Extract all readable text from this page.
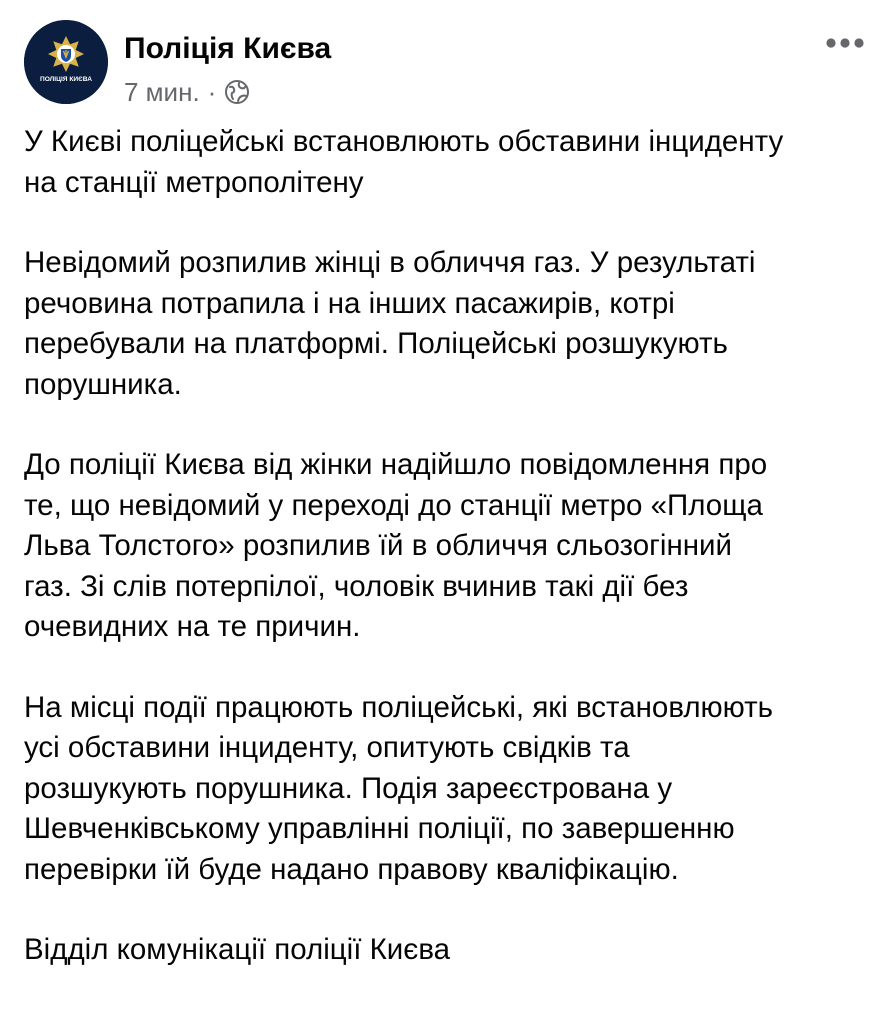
ПОЛІЦІЯ КИЄВА
Поліція Києва
7 мин. ·

У Києві поліцейські встановлюють обставини інциденту
на станції метрополітену

Невідомий розпилив жінці в обличчя газ. У результаті
речовина потрапила і на інших пасажирів, котрі
перебували на платформі. Поліцейські розшукують
порушника.

До поліції Києва від жінки надійшло повідомлення про
те, що невідомий у переході до станції метро «Площа
Льва Толстого» розпилив їй в обличчя сльозогінний
газ. Зі слів потерпілої, чоловік вчинив такі дії без
очевидних на те причин.

На місці події працюють поліцейські, які встановлюють
усі обставини інциденту, опитують свідків та
розшукують порушника. Подія зареєстрована у
Шевченківському управлінні поліції, по завершенню
перевірки їй буде надано правову кваліфікацію.

Відділ комунікації поліції Києва
